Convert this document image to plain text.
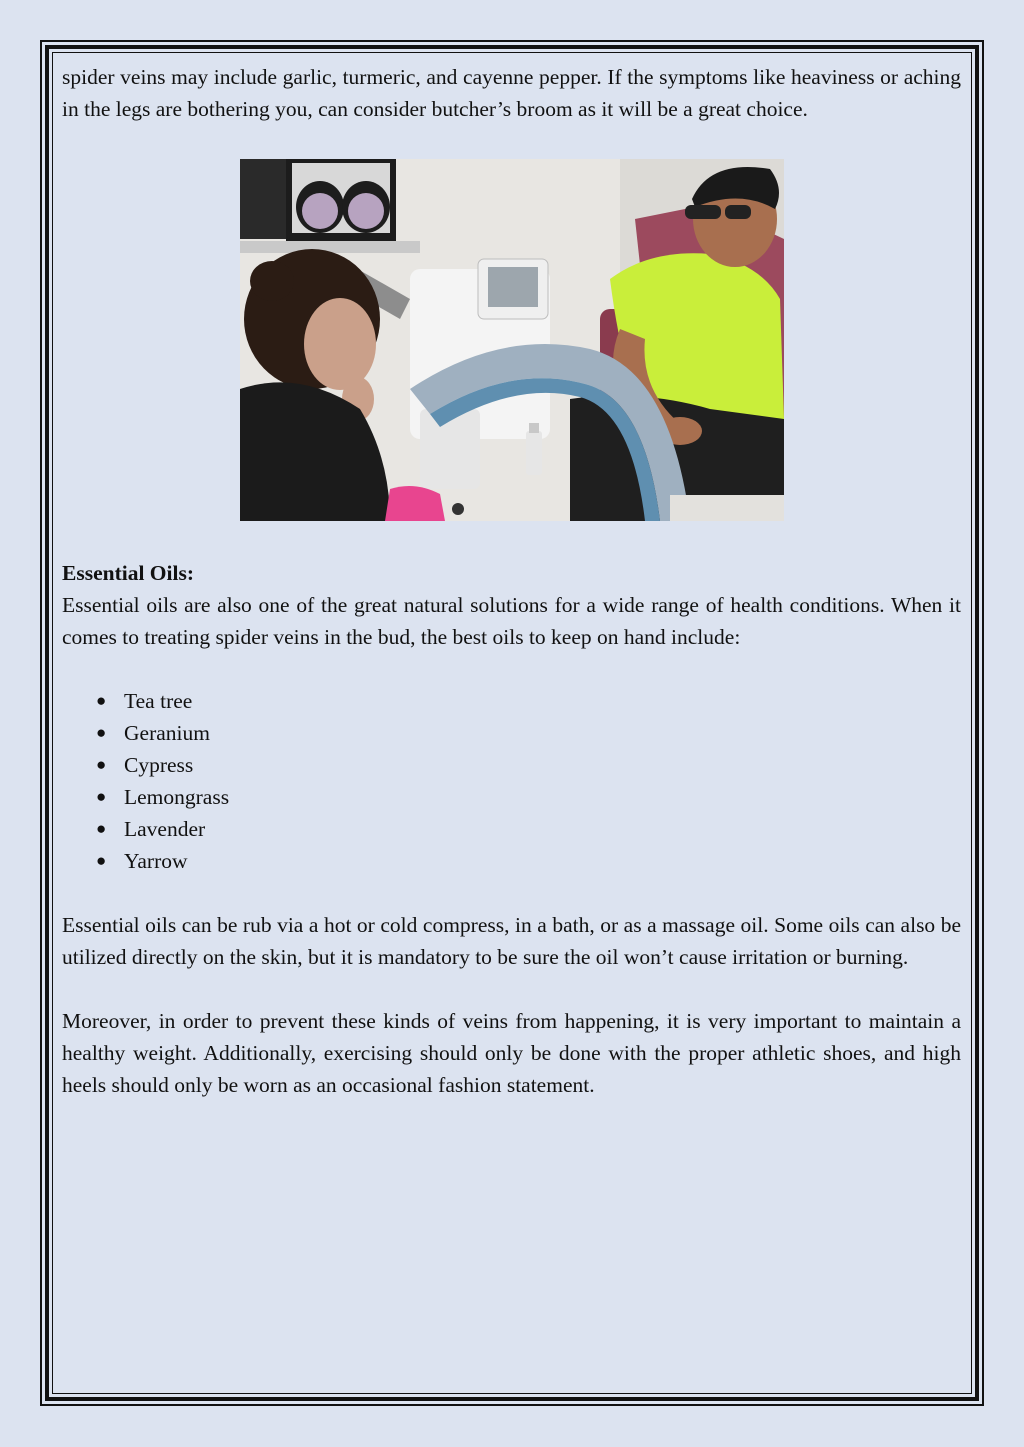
spider veins may include garlic, turmeric, and cayenne pepper. If the symptoms like heaviness or aching in the legs are bothering you, can consider butcher’s broom as it will be a great choice.

Essential Oils:

Essential oils are also one of the great natural solutions for a wide range of health conditions. When it comes to treating spider veins in the bud, the best oils to keep on hand include:

● Tea tree
● Geranium
● Cypress
● Lemongrass
● Lavender
● Yarrow

Essential oils can be rub via a hot or cold compress, in a bath, or as a massage oil. Some oils can also be utilized directly on the skin, but it is mandatory to be sure the oil won’t cause irritation or burning.

Moreover, in order to prevent these kinds of veins from happening, it is very important to maintain a healthy weight. Additionally, exercising should only be done with the proper athletic shoes, and high heels should only be worn as an occasional fashion statement.
